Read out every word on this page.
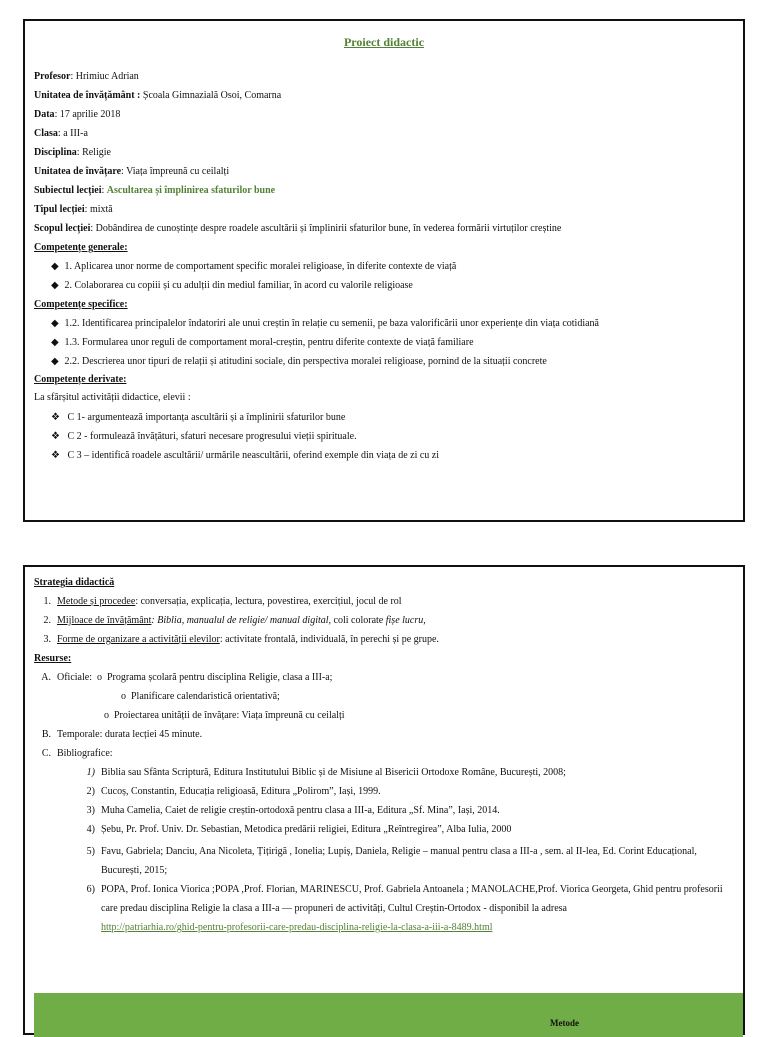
Proiect didactic
Profesor: Hrimiuc Adrian
Unitatea de învățământ : Școala Gimnazială Osoi, Comarna
Data: 17 aprilie 2018
Clasa: a III-a
Disciplina: Religie
Unitatea de învățare: Viața împreună cu ceilalți
Subiectul lecției: Ascultarea și împlinirea sfaturilor bune
Tipul lecției: mixtă
Scopul lecției: Dobândirea de cunoștințe despre roadele ascultării și împlinirii sfaturilor bune, în vederea formării virtuților creștine
Competențe generale:
◆ 1. Aplicarea unor norme de comportament specific moralei religioase, în diferite contexte de viață
◆ 2. Colaborarea cu copiii și cu adulții din mediul familiar, în acord cu valorile religioase
Competențe specifice:
◆ 1.2. Identificarea principalelor îndatoriri ale unui creștin în relație cu semenii, pe baza valorificării unor experiențe din viața cotidiană
◆ 1.3. Formularea unor reguli de comportament moral-creștin, pentru diferite contexte de viață familiare
◆ 2.2. Descrierea unor tipuri de relații și atitudini sociale, din perspectiva moralei religioase, pornind de la situații concrete
Competențe derivate:
La sfârșitul activității didactice, elevii :
❖ C 1- argumentează importanța ascultării și a împlinirii sfaturilor bune
❖ C 2 - formulează învățături, sfaturi necesare progresului vieții spirituale.
❖ C 3 – identifică roadele ascultării/ urmările neascultării, oferind exemple din viața de zi cu zi
Strategia didactică
1. Metode și procedee: conversația, explicația, lectura, povestirea, exercițiul, jocul de rol
2. Mijloace de învățământ: Biblia, manualul de religie/ manual digital, coli colorate fișe lucru,
3. Forme de organizare a activității elevilor: activitate frontală, individuală, în perechi și pe grupe.
Resurse:
A. Oficiale: o Programa școlară pentru disciplina Religie, clasa a III-a;
o Planificare calendaristică orientativă;
o Proiectarea unității de învățare: Viața împreună cu ceilalți
B. Temporale: durata lecției 45 minute.
C. Bibliografice:
1) Biblia sau Sfânta Scriptură, Editura Institutului Biblic și de Misiune al Bisericii Ortodoxe Române, București, 2008;
2) Cucoș, Constantin, Educația religioasă, Editura „Polirom”, Iași, 1999.
3) Muha Camelia, Caiet de religie creștin-ortodoxă pentru clasa a III-a, Editura „Sf. Mina”, Iași, 2014.
4) Șebu, Pr. Prof. Univ. Dr. Sebastian, Metodica predării religiei, Editura „Reîntregirea”, Alba Iulia, 2000
5) Favu, Gabriela; Danciu, Ana Nicoleta, Țițirigă , Ionelia; Lupiș, Daniela, Religie – manual pentru clasa a III-a , sem. al II-lea, Ed. Corint Educațional, București, 2015;
6) POPA, Prof. Ionica Viorica ;POPA ,Prof. Florian, MARINESCU, Prof. Gabriela Antoanela ; MANOLACHE,Prof. Viorica Georgeta, Ghid pentru profesorii care predau disciplina Religie la clasa a III-a — propuneri de activități, Cultul Creștin-Ortodox - disponibil la adresa
http://patriarhia.ro/ghid-pentru-profesorii-care-predau-disciplina-religie-la-clasa-a-iii-a-8489.html
Metode
